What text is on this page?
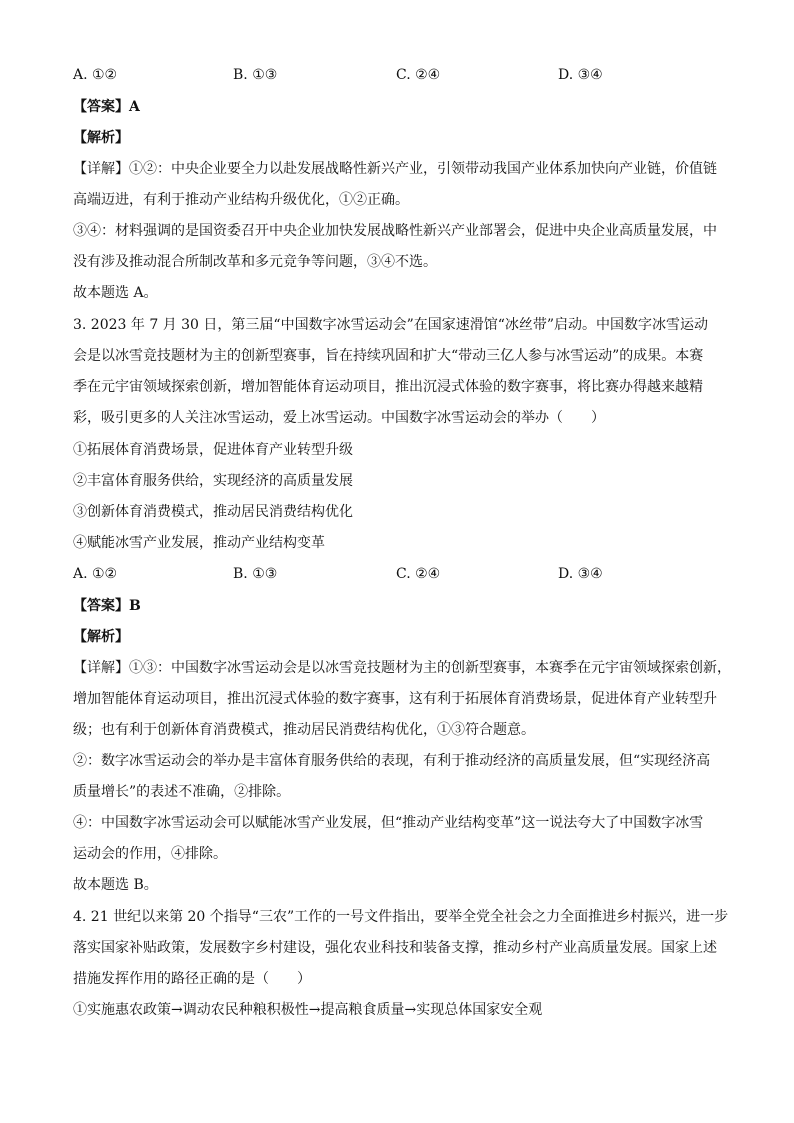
A. ①②	B. ①③	C. ②④	D. ③④
【答案】A
【解析】
【详解】①②：中央企业要全力以赴发展战略性新兴产业，引领带动我国产业体系加快向产业链，价值链
高端迈进，有利于推动产业结构升级优化，①②正确。
③④：材料强调的是国资委召开中央企业加快发展战略性新兴产业部署会，促进中央企业高质量发展，中
没有涉及推动混合所制改革和多元竞争等问题，③④不选。
故本题选 A。
3. 2023 年 7 月 30 日，第三届“中国数字冰雪运动会”在国家速滑馆“冰丝带”启动。中国数字冰雪运动
会是以冰雪竞技题材为主的创新型赛事，旨在持续巩固和扩大“带动三亿人参与冰雪运动”的成果。本赛
季在元宇宙领域探索创新，增加智能体育运动项目，推出沉浸式体验的数字赛事，将比赛办得越来越精
彩，吸引更多的人关注冰雪运动，爱上冰雪运动。中国数字冰雪运动会的举办（　　）
①拓展体育消费场景，促进体育产业转型升级
②丰富体育服务供给，实现经济的高质量发展
③创新体育消费模式，推动居民消费结构优化
④赋能冰雪产业发展，推动产业结构变革
A. ①②	B. ①③	C. ②④	D. ③④
【答案】B
【解析】
【详解】①③：中国数字冰雪运动会是以冰雪竞技题材为主的创新型赛事，本赛季在元宇宙领域探索创新，
增加智能体育运动项目，推出沉浸式体验的数字赛事，这有利于拓展体育消费场景，促进体育产业转型升
级；也有利于创新体育消费模式，推动居民消费结构优化，①③符合题意。
②：数字冰雪运动会的举办是丰富体育服务供给的表现，有利于推动经济的高质量发展，但“实现经济高
质量增长”的表述不准确，②排除。
④：中国数字冰雪运动会可以赋能冰雪产业发展，但“推动产业结构变革”这一说法夸大了中国数字冰雪
运动会的作用，④排除。
故本题选 B。
4. 21 世纪以来第 20 个指导“三农”工作的一号文件指出，要举全党全社会之力全面推进乡村振兴，进一步
落实国家补贴政策，发展数字乡村建设，强化农业科技和装备支撑，推动乡村产业高质量发展。国家上述
措施发挥作用的路径正确的是（　　）
①实施惠农政策→调动农民种粮积极性→提高粮食质量→实现总体国家安全观
